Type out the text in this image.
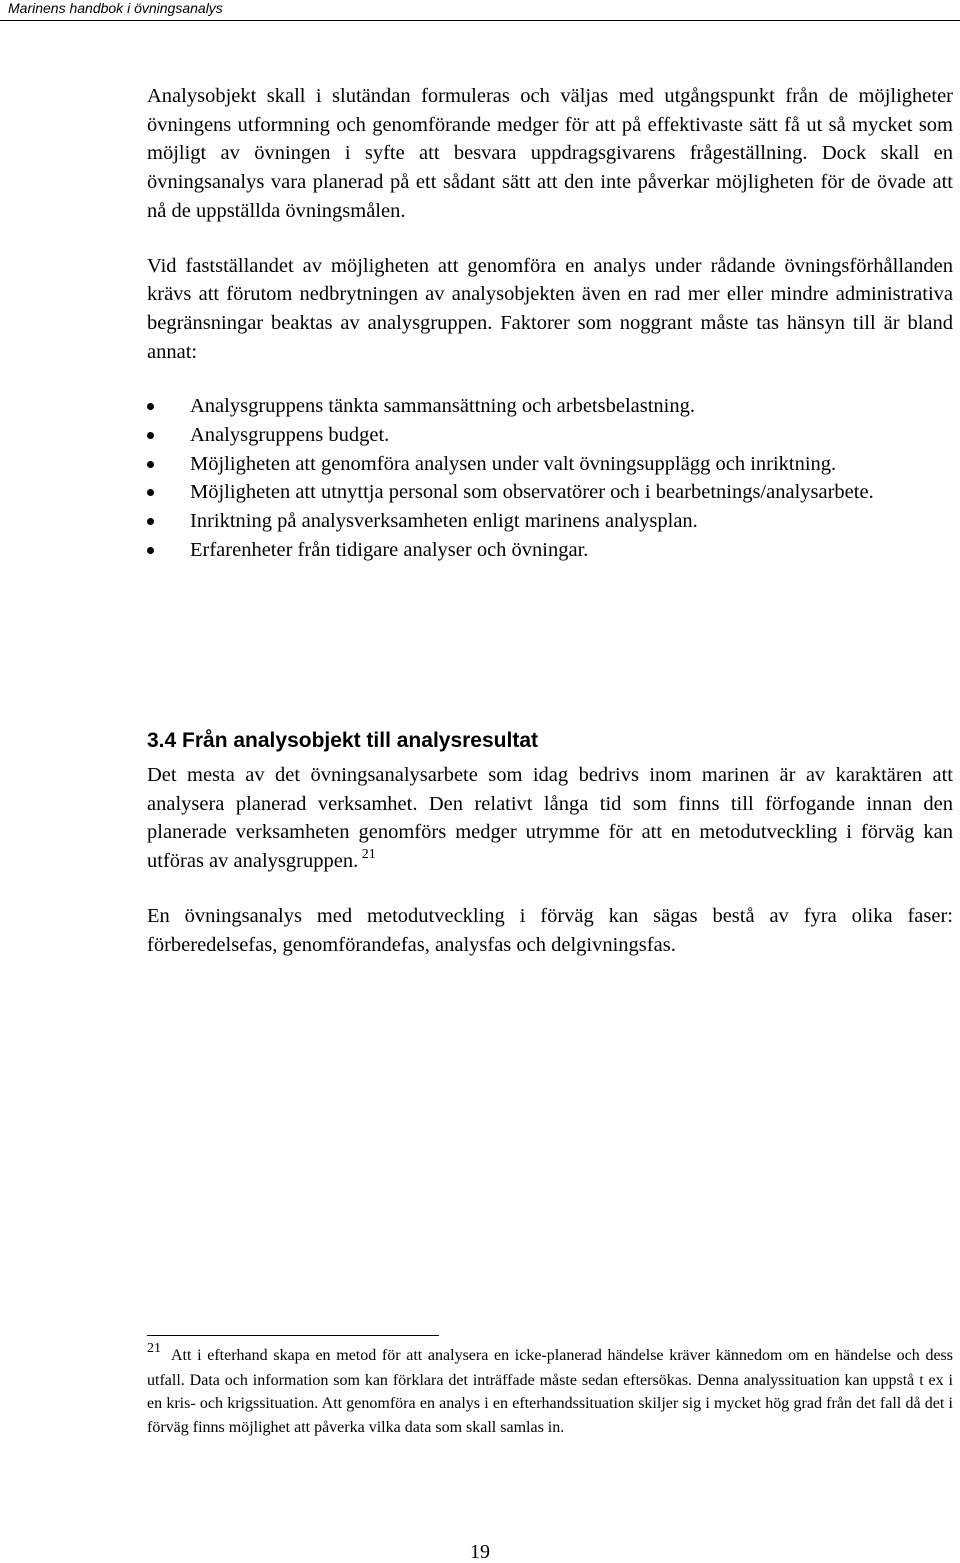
Marinens handbok i övningsanalys

Analysobjekt skall i slutändan formuleras och väljas med utgångspunkt från de möjligheter övningens utformning och genomförande medger för att på effektivaste sätt få ut så mycket som möjligt av övningen i syfte att besvara uppdragsgivarens frågeställning. Dock skall en övningsanalys vara planerad på ett sådant sätt att den inte påverkar möjligheten för de övade att nå de uppställda övningsmålen.

Vid fastställandet av möjligheten att genomföra en analys under rådande övningsförhållanden krävs att förutom nedbrytningen av analysobjekten även en rad mer eller mindre administrativa begränsningar beaktas av analysgruppen. Faktorer som noggrant måste tas hänsyn till är bland annat:

Analysgruppens tänkta sammansättning och arbetsbelastning.
Analysgruppens budget.
Möjligheten att genomföra analysen under valt övningsupplägg och inriktning.
Möjligheten att utnyttja personal som observatörer och i bearbetnings/analysarbete.
Inriktning på analysverksamheten enligt marinens analysplan.
Erfarenheter från tidigare analyser och övningar.
3.4 Från analysobjekt till analysresultat

Det mesta av det övningsanalysarbete som idag bedrivs inom marinen är av karaktären att analysera planerad verksamhet. Den relativt långa tid som finns till förfogande innan den planerade verksamheten genomförs medger utrymme för att en metodutveckling i förväg kan utföras av analysgruppen. $^{21}$

En övningsanalys med metodutveckling i förväg kan sägas bestå av fyra olika faser: förberedelsefas, genomförandefas, analysfas och delgivningsfas.

21 Att i efterhand skapa en metod för att analysera en icke-planerad händelse kräver kännedom om en händelse och dess utfall. Data och information som kan förklara det inträffade måste sedan eftersökas. Denna analyssituation kan uppstå t ex i en kris- och krigssituation. Att genomföra en analys i en efterhandssituation skiljer sig i mycket hög grad från det fall då det i förväg finns möjlighet att påverka vilka data som skall samlas in.
19
